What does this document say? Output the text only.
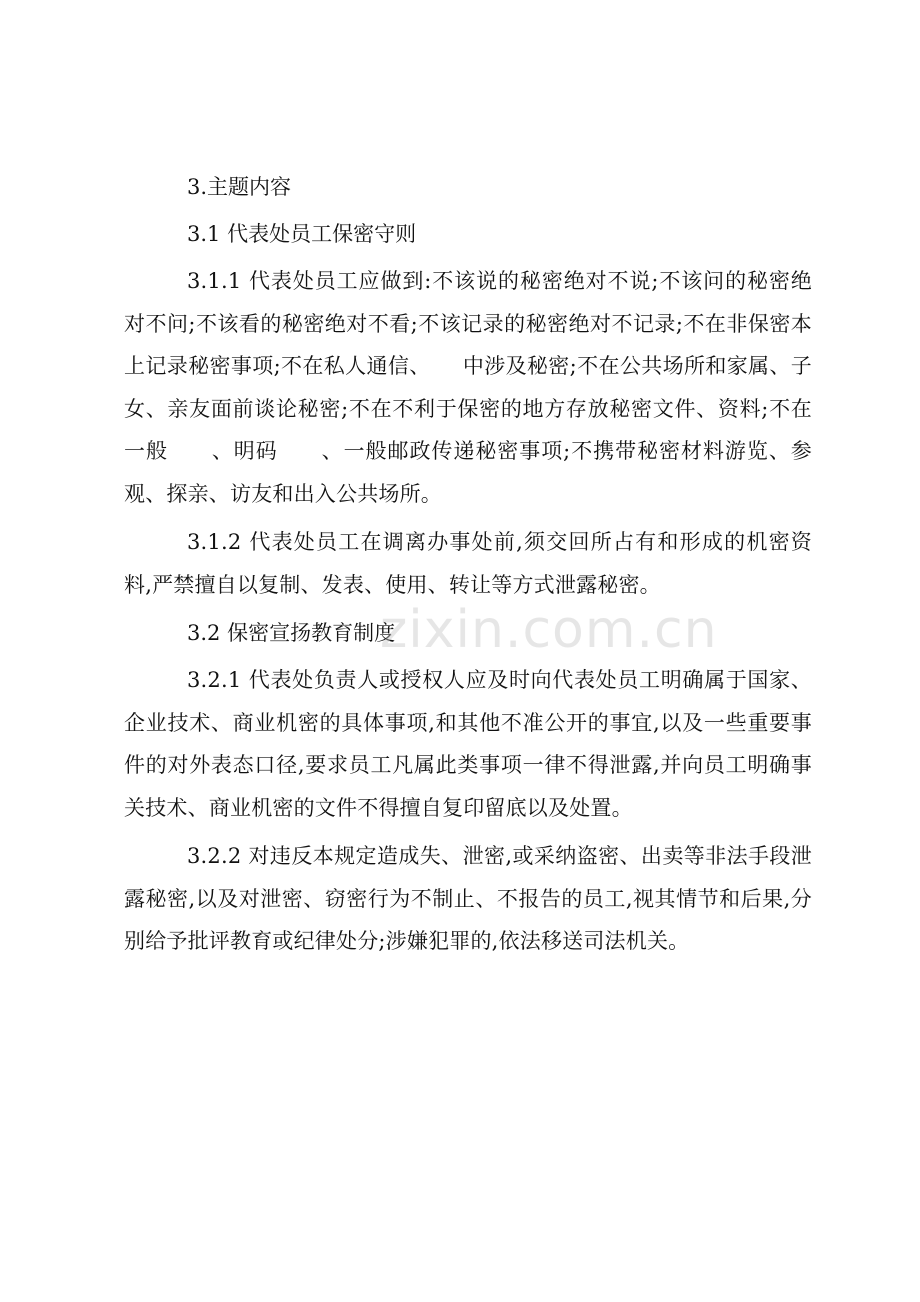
3.主题内容
3.1 代表处员工保密守则

3.1.1 代表处员工应做到:不该说的秘密绝对不说;不该问的秘密绝对不问;不该看的秘密绝对不看;不该记录的秘密绝对不记录;不在非保密本上记录秘密事项;不在私人通信、　　中涉及秘密;不在公共场所和家属、子女、亲友面前谈论秘密;不在不利于保密的地方存放秘密文件、资料;不在一般　　、明码　　、一般邮政传递秘密事项;不携带秘密材料游览、参观、探亲、访友和出入公共场所。

3.1.2 代表处员工在调离办事处前,须交回所占有和形成的机密资料,严禁擅自以复制、发表、使用、转让等方式泄露秘密。

3.2 保密宣扬教育制度

3.2.1 代表处负责人或授权人应及时向代表处员工明确属于国家、企业技术、商业机密的具体事项,和其他不准公开的事宜,以及一些重要事件的对外表态口径,要求员工凡属此类事项一律不得泄露,并向员工明确事关技术、商业机密的文件不得擅自复印留底以及处置。

3.2.2 对违反本规定造成失、泄密,或采纳盗密、出卖等非法手段泄露秘密,以及对泄密、窃密行为不制止、不报告的员工,视其情节和后果,分别给予批评教育或纪律处分;涉嫌犯罪的,依法移送司法机关。

zixin.com.cn
